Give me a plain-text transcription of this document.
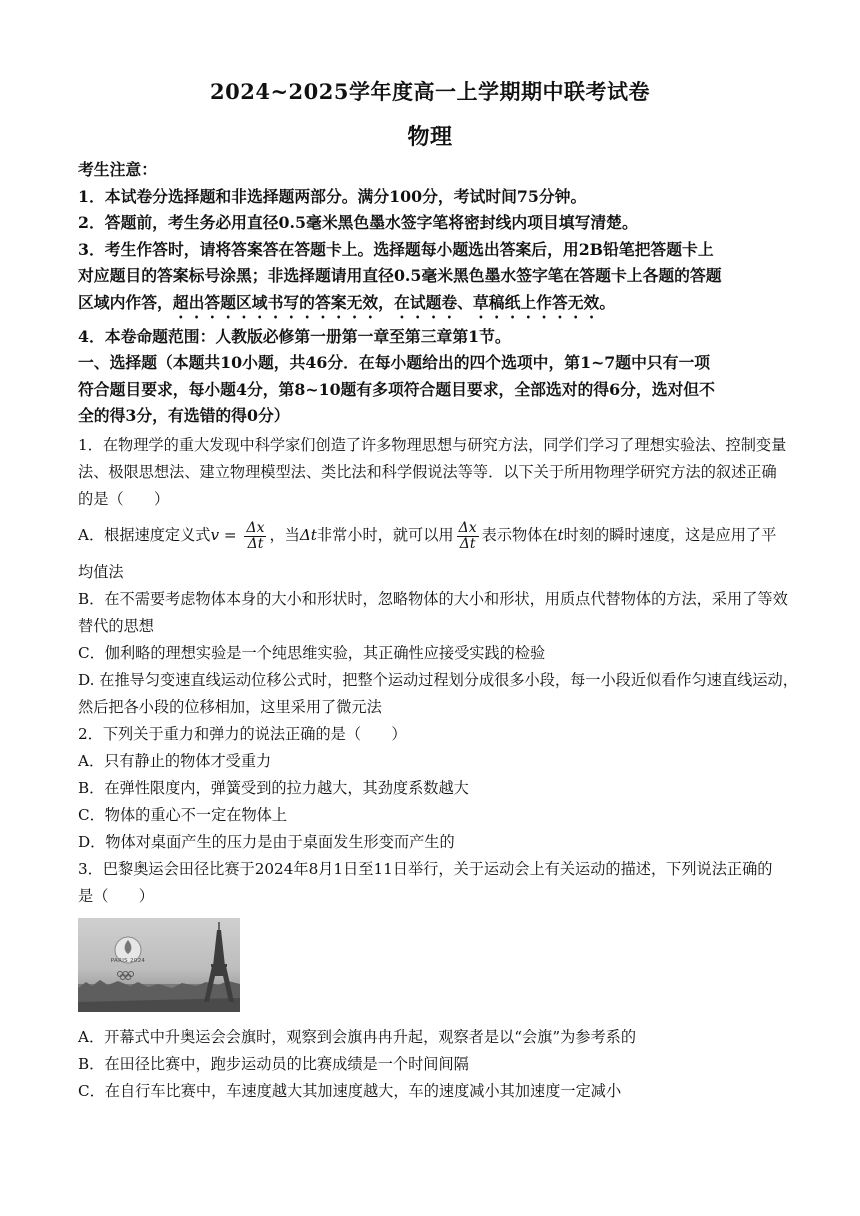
2024~2025学年度高一上学期期中联考试卷
物理
考生注意：
1．本试卷分选择题和非选择题两部分。满分100分，考试时间75分钟。
2．答题前，考生务必用直径0.5毫米黑色墨水签字笔将密封线内项目填写清楚。
3．考生作答时，请将答案答在答题卡上。选择题每小题选出答案后，用2B铅笔把答题卡上
对应题目的答案标号涂黑；非选择题请用直径0.5毫米黑色墨水签字笔在答题卡上各题的答题
区域内作答，超出答题区域书写的答案无效，在试题卷、草稿纸上作答无效。
4．本卷命题范围：人教版必修第一册第一章至第三章第1节。
一、选择题（本题共10小题，共46分．在每小题给出的四个选项中，第1~7题中只有一项
符合题目要求，每小题4分，第8~10题有多项符合题目要求，全部选对的得6分，选对但不
全的得3分，有选错的得0分）
1．在物理学的重大发现中科学家们创造了许多物理思想与研究方法，同学们学习了理想实验法、控制变量
法、极限思想法、建立物理模型法、类比法和科学假说法等等．以下关于所用物理学研究方法的叙述正确
的是（　　）
A．根据速度定义式$v = \frac{\Delta x}{\Delta t}$ ，当Δt非常小时，就可以用 $\frac{\Delta x}{\Delta t}$ 表示物体在t时刻的瞬时速度，这是应用了平
均值法
B．在不需要考虑物体本身的大小和形状时，忽略物体的大小和形状，用质点代替物体的方法，采用了等效
替代的思想
C．伽利略的理想实验是一个纯思维实验，其正确性应接受实践的检验
D. 在推导匀变速直线运动位移公式时，把整个运动过程划分成很多小段，每一小段近似看作匀速直线运动，
然后把各小段的位移相加，这里采用了微元法
2．下列关于重力和弹力的说法正确的是（　　）
A．只有静止的物体才受重力
B．在弹性限度内，弹簧受到的拉力越大，其劲度系数越大
C．物体的重心不一定在物体上
D．物体对桌面产生的压力是由于桌面发生形变而产生的
3．巴黎奥运会田径比赛于2024年8月1日至11日举行，关于运动会上有关运动的描述，下列说法正确的
是（　　）
PARIS 2024
A．开幕式中升奥运会会旗时，观察到会旗冉冉升起，观察者是以“会旗”为参考系的
B．在田径比赛中，跑步运动员的比赛成绩是一个时间间隔
C．在自行车比赛中，车速度越大其加速度越大，车的速度减小其加速度一定减小
